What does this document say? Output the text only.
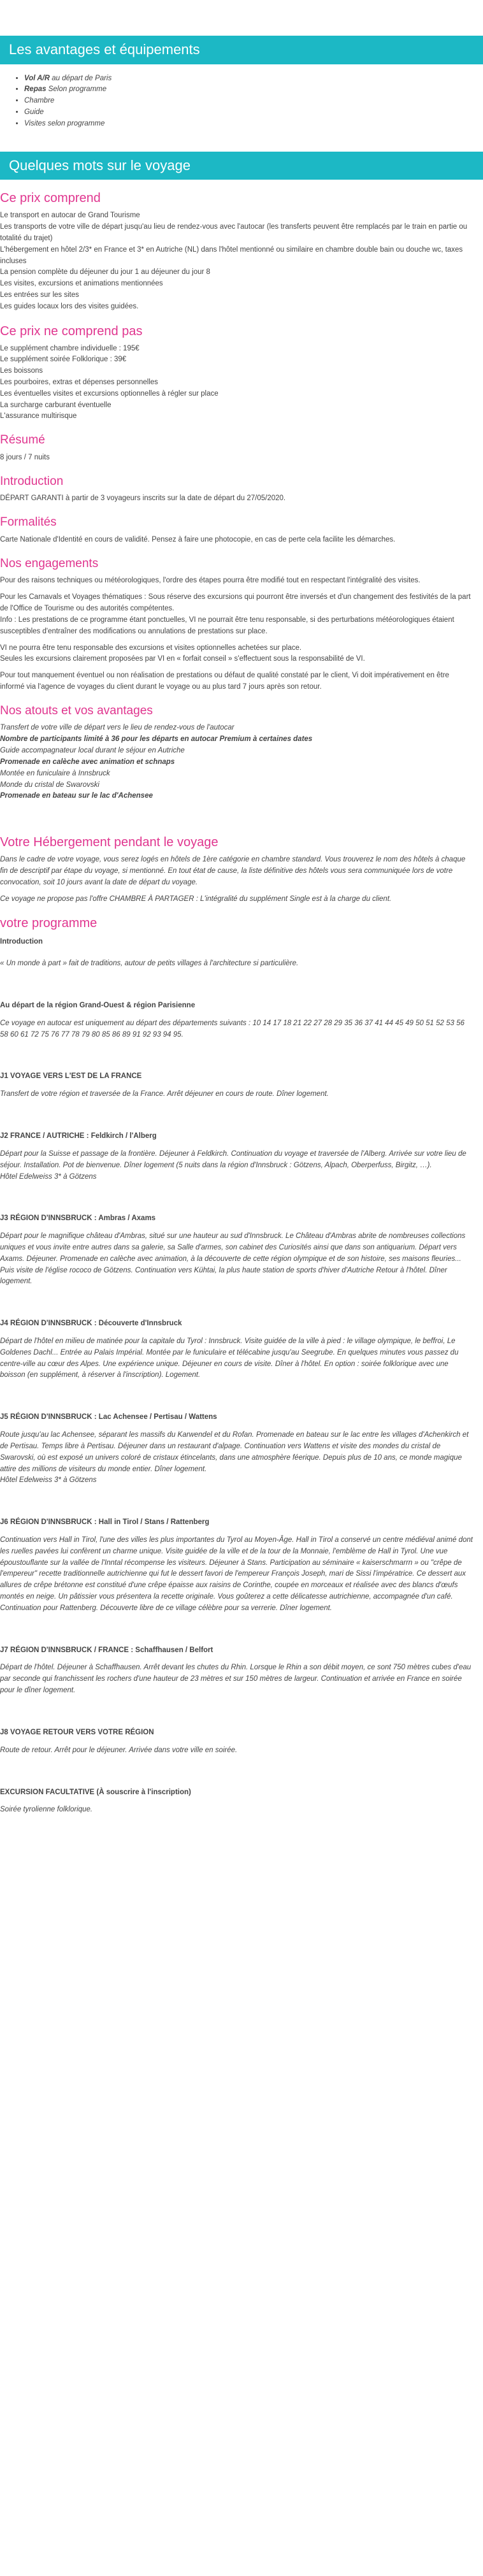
Les avantages et équipements
• Vol A/R au départ de Paris
• Repas Selon programme
• Chambre
• Guide
• Visites selon programme
Quelques mots sur le voyage
Ce prix comprend
• Le transport en autocar de Grand Tourisme
• Les transports de votre ville de départ jusqu'au lieu de rendez-vous avec l'autocar (les transferts peuvent être remplacés par le train en partie ou totalité du trajet)
• L'hébergement en hôtel 2/3* en France et 3* en Autriche (NL) dans l'hôtel mentionné ou similaire en chambre double bain ou douche wc, taxes incluses
• La pension complète du déjeuner du jour 1 au déjeuner du jour 8
• Les visites, excursions et animations mentionnées
• Les entrées sur les sites
• Les guides locaux lors des visites guidées.
Ce prix ne comprend pas
• Le supplément chambre individuelle : 195€
• Le supplément soirée Folklorique : 39€
• Les boissons
• Les pourboires, extras et dépenses personnelles
• Les éventuelles visites et excursions optionnelles à régler sur place
• La surcharge carburant éventuelle
• L'assurance multirisque
Résumé

8 jours / 7 nuits

Introduction

DÉPART GARANTI à partir de 3 voyageurs inscrits sur la date de départ du 27/05/2020.

Formalités

Carte Nationale d'Identité en cours de validité. Pensez à faire une photocopie, en cas de perte cela facilite les démarches.

Nos engagements

Pour des raisons techniques ou météorologiques, l'ordre des étapes pourra être modifié tout en respectant l'intégralité des visites.

Pour les Carnavals et Voyages thématiques : Sous réserve des excursions qui pourront être inversés et d'un changement des festivités de la part de l'Office de Tourisme ou des autorités compétentes.

Info : Les prestations de ce programme étant ponctuelles, VI ne pourrait être tenu responsable, si des perturbations météorologiques étaient susceptibles d'entraîner des modifications ou annulations de prestations sur place.

VI ne pourra être tenu responsable des excursions et visites optionnelles achetées sur place.

Seules les excursions clairement proposées par VI en « forfait conseil » s'effectuent sous la responsabilité de VI.

Pour tout manquement éventuel ou non réalisation de prestations ou défaut de qualité constaté par le client, Vi doit impérativement en être informé via l'agence de voyages du client durant le voyage ou au plus tard 7 jours après son retour.

Nos atouts et vos avantages
• Transfert de votre ville de départ vers le lieu de rendez-vous de l'autocar
• Nombre de participants limité à 36 pour les départs en autocar Premium à certaines dates
• Guide accompagnateur local durant le séjour en Autriche
• Promenade en calèche avec animation et schnaps
• Montée en funiculaire à Innsbruck
• Monde du cristal de Swarovski
• Promenade en bateau sur le lac d'Achensee
Votre Hébergement pendant le voyage

Dans le cadre de votre voyage, vous serez logés en hôtels de 1ère catégorie en chambre standard. Vous trouverez le nom des hôtels à chaque fin de descriptif par étape du voyage, si mentionné. En tout état de cause, la liste définitive des hôtels vous sera communiquée lors de votre convocation, soit 10 jours avant la date de départ du voyage.

Ce voyage ne propose pas l'offre CHAMBRE À PARTAGER : L'intégralité du supplément Single est à la charge du client.

votre programme

Introduction

« Un monde à part » fait de traditions, autour de petits villages à l'architecture si particulière.

Au départ de la région Grand-Ouest & région Parisienne

Ce voyage en autocar est uniquement au départ des départements suivants : 10 14 17 18 21 22 27 28 29 35 36 37 41 44 45 49 50 51 52 53 56 58 60 61 72 75 76 77 78 79 80 85 86 89 91 92 93 94 95.

J1 VOYAGE VERS L'EST DE LA FRANCE

Transfert de votre région et traversée de la France. Arrêt déjeuner en cours de route. Dîner logement.

J2 FRANCE / AUTRICHE : Feldkirch / l'Alberg

Départ pour la Suisse et passage de la frontière. Déjeuner à Feldkirch. Continuation du voyage et traversée de l'Alberg. Arrivée sur votre lieu de séjour. Installation. Pot de bienvenue. Dîner logement (5 nuits dans la région d'Innsbruck : Götzens, Alpach, Oberperfuss, Birgitz, …).

Hôtel Edelweiss 3* à Götzens

J3 RÉGION D'INNSBRUCK : Ambras / Axams

Départ pour le magnifique château d'Ambras, situé sur une hauteur au sud d'Innsbruck. Le Château d'Ambras abrite de nombreuses collections uniques et vous invite entre autres dans sa galerie, sa Salle d'armes, son cabinet des Curiosités ainsi que dans son antiquarium. Départ vers Axams. Déjeuner. Promenade en calèche avec animation, à la découverte de cette région olympique et de son histoire, ses maisons fleuries... Puis visite de l'église rococo de Götzens. Continuation vers Kühtai, la plus haute station de sports d'hiver d'Autriche Retour à l'hôtel. Dîner logement.

J4 RÉGION D'INNSBRUCK : Découverte d'Innsbruck

Départ de l'hôtel en milieu de matinée pour la capitale du Tyrol : Innsbruck. Visite guidée de la ville à pied : le village olympique, le beffroi, Le Goldenes Dachl... Entrée au Palais Impérial. Montée par le funiculaire et télécabine jusqu'au Seegrube. En quelques minutes vous passez du centre-ville au cœur des Alpes. Une expérience unique. Déjeuner en cours de visite. Dîner à l'hôtel. En option : soirée folklorique avec une boisson (en supplément, à réserver à l'inscription). Logement.

J5 RÉGION D'INNSBRUCK : Lac Achensee / Pertisau / Wattens

Route jusqu'au lac Achensee, séparant les massifs du Karwendel et du Rofan. Promenade en bateau sur le lac entre les villages d'Achenkirch et de Pertisau. Temps libre à Pertisau. Déjeuner dans un restaurant d'alpage. Continuation vers Wattens et visite des mondes du cristal de Swarovski, où est exposé un univers coloré de cristaux étincelants, dans une atmosphère féerique. Depuis plus de 10 ans, ce monde magique attire des millions de visiteurs du monde entier. Dîner logement.

Hôtel Edelweiss 3* à Götzens

J6 RÉGION D'INNSBRUCK : Hall in Tirol / Stans / Rattenberg

Continuation vers Hall in Tirol, l'une des villes les plus importantes du Tyrol au Moyen-Âge. Hall in Tirol a conservé un centre médiéval animé dont les ruelles pavées lui confèrent un charme unique. Visite guidée de la ville et de la tour de la Monnaie, l'emblème de Hall in Tyrol. Une vue époustouflante sur la vallée de l'Inntal récompense les visiteurs. Déjeuner à Stans. Participation au séminaire « kaiserschmarrn » ou "crêpe de l'empereur" recette traditionnelle autrichienne qui fut le dessert favori de l'empereur François Joseph, mari de Sissi l'impératrice. Ce dessert aux allures de crêpe brétonne est constitué d'une crêpe épaisse aux raisins de Corinthe, coupée en morceaux et réalisée avec des blancs d'œufs montés en neige. Un pâtissier vous présentera la recette originale. Vous goûterez a cette délicatesse autrichienne, accompagnée d'un café. Continuation pour Rattenberg. Découverte libre de ce village célèbre pour sa verrerie. Dîner logement.

J7 RÉGION D'INNSBRUCK / FRANCE : Schaffhausen / Belfort

Départ de l'hôtel. Déjeuner à Schaffhausen. Arrêt devant les chutes du Rhin. Lorsque le Rhin a son débit moyen, ce sont 750 mètres cubes d'eau par seconde qui franchissent les rochers d'une hauteur de 23 mètres et sur 150 mètres de largeur. Continuation et arrivée en France en soirée pour le dîner logement.

J8 VOYAGE RETOUR VERS VOTRE RÉGION

Route de retour. Arrêt pour le déjeuner. Arrivée dans votre ville en soirée.

EXCURSION FACULTATIVE (À souscrire à l'inscription)

Soirée tyrolienne folklorique.
